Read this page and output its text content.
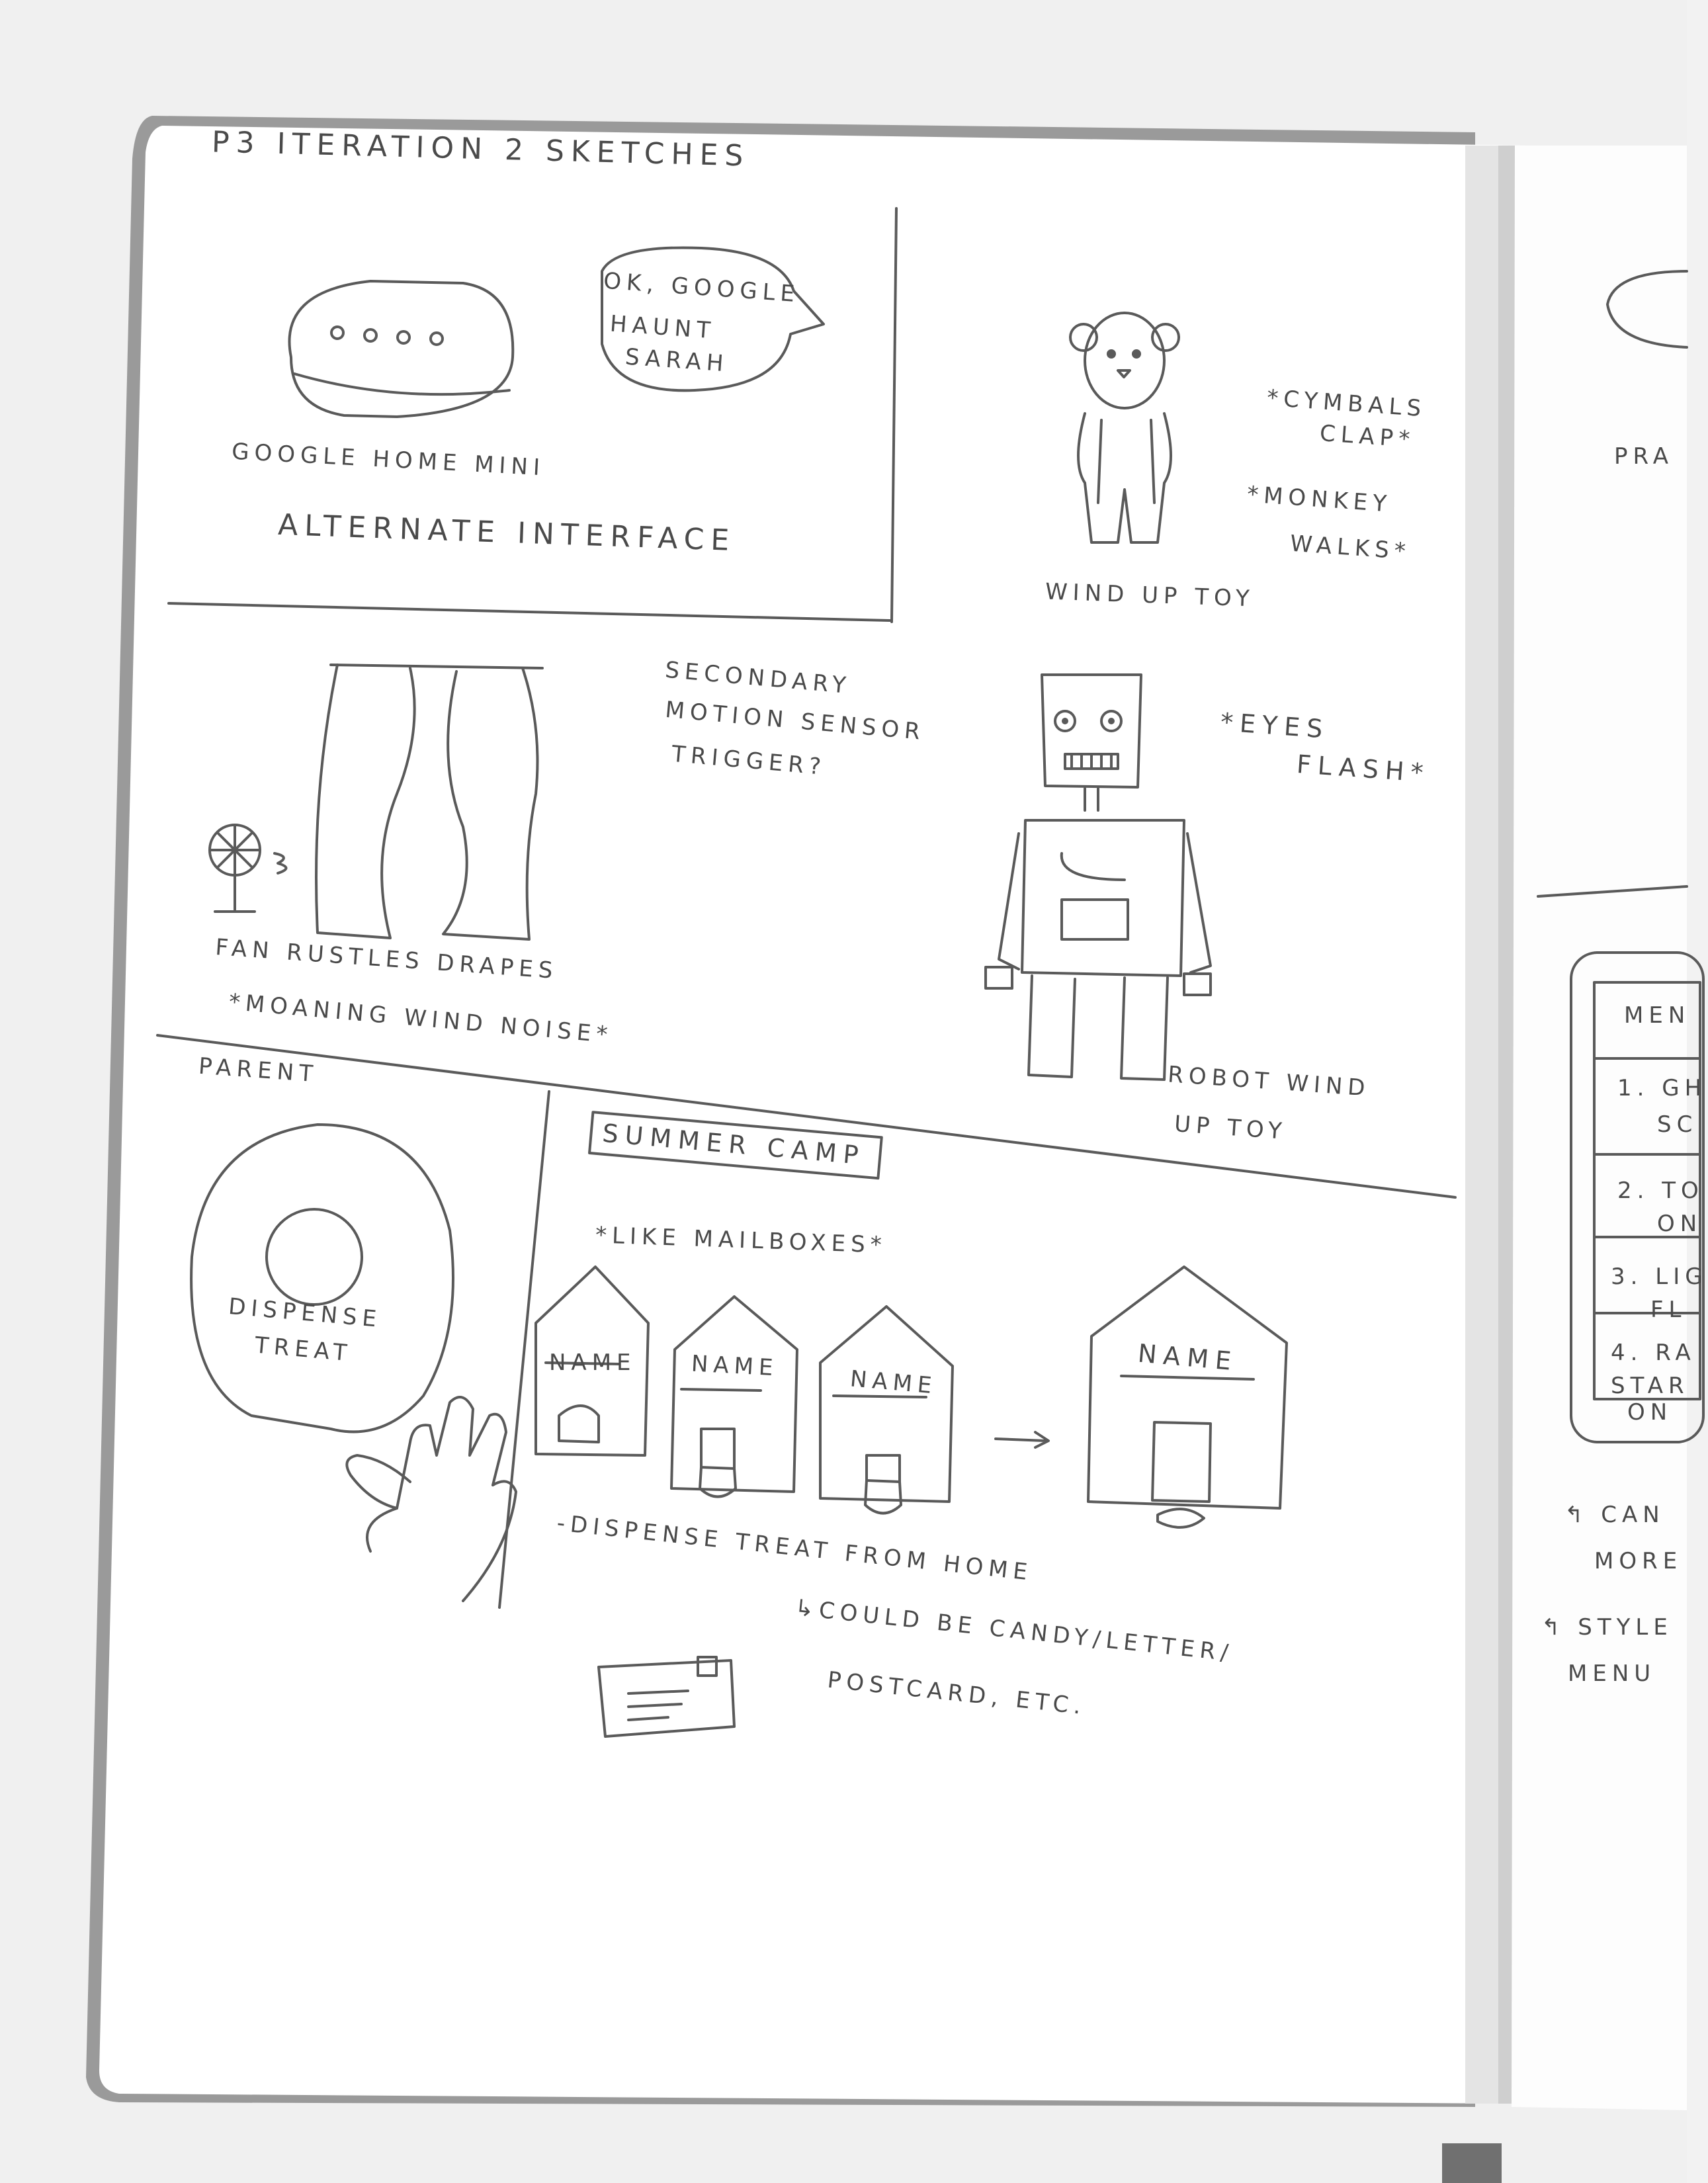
P3 ITERATION 2 SKETCHES
OK, GOOGLE
HAUNT
SARAH
GOOGLE HOME MINI
ALTERNATE INTERFACE
*CYMBALS
CLAP*
*MONKEY
WALKS*
WIND UP TOY
SECONDARY
MOTION SENSOR
TRIGGER?
*EYES
FLASH*
FAN RUSTLES DRAPES
*MOANING WIND NOISE*
ROBOT WIND
UP TOY
PARENT
DISPENSE
TREAT
SUMMER CAMP
*LIKE MAILBOXES*
NAME NAME	NAME
NAME
-DISPENSE TREAT FROM HOME
↳COULD BE CANDY/LETTER/
POSTCARD, ETC.
PRA
MEN
1. GH
SC
2. TO
ON
3. LIG
FL
4. RA
STAR
ON
↰ CAN
MORE
↰ STYLE
MENU
